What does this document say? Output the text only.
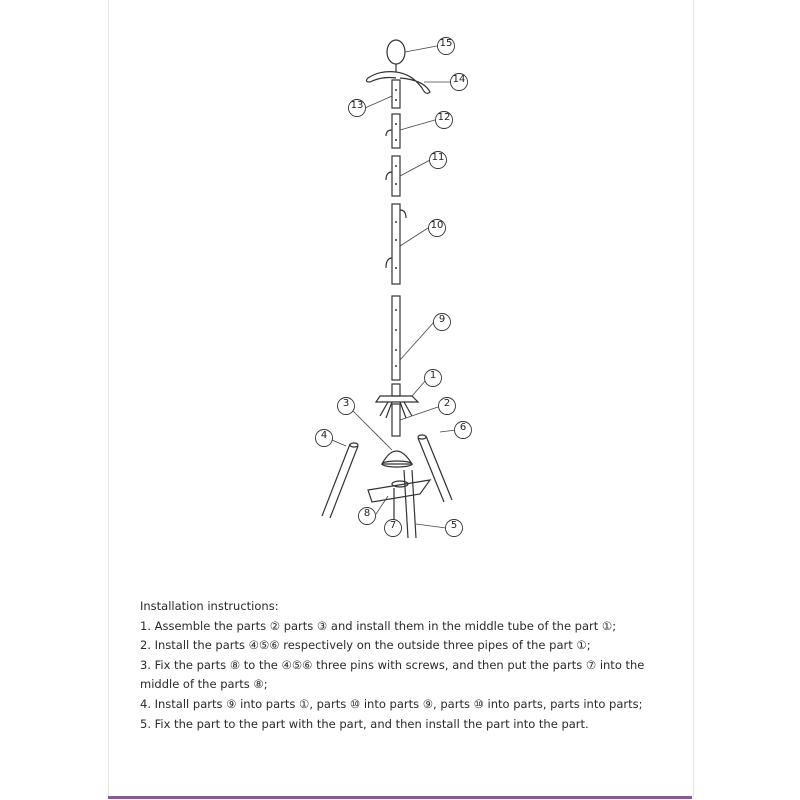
15
14
13
12
11
10
9
1
2
3
4
6
8
7	5
Installation instructions:
1. Assemble the parts ② parts ③ and install them in the middle tube of the part ①;
2. Install the parts ④⑤⑥ respectively on the outside three pipes of the part ①;
3. Fix the parts ⑧ to the ④⑤⑥ three pins with screws, and then put the parts ⑦ into the
middle of the parts ⑧;
4. Install parts ⑨ into parts ①, parts ⑩ into parts ⑨, parts ⑩ into parts, parts into parts;
5. Fix the part to the part with the part, and then install the part into the part.
